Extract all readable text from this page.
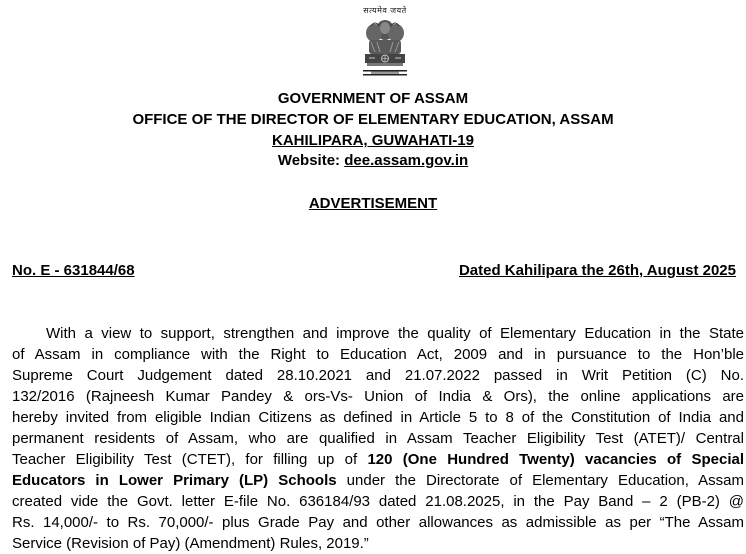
सत्यमेव जयते
GOVERNMENT OF ASSAM
OFFICE OF THE DIRECTOR OF ELEMENTARY EDUCATION, ASSAM
KAHILIPARA, GUWAHATI-19
Website: dee.assam.gov.in
ADVERTISEMENT
No. E - 631844/68	Dated Kahilipara the 26th, August 2025
With a view to support, strengthen and improve the quality of Elementary Education in the State
of Assam in compliance with the Right to Education Act, 2009 and in pursuance to the Hon’ble
Supreme Court Judgement dated 28.10.2021 and 21.07.2022 passed in Writ Petition (C) No.
132/2016 (Rajneesh Kumar Pandey & ors-Vs- Union of India & Ors), the online applications are
hereby invited from eligible Indian Citizens as defined in Article 5 to 8 of the Constitution of India and
permanent residents of Assam, who are qualified in Assam Teacher Eligibility Test (ATET)/ Central
Teacher Eligibility Test (CTET), for filling up of 120 (One Hundred Twenty) vacancies of Special
Educators in Lower Primary (LP) Schools under the Directorate of Elementary Education, Assam
created vide the Govt. letter E-file No. 636184/93 dated 21.08.2025, in the Pay Band – 2 (PB-2) @
Rs. 14,000/- to Rs. 70,000/- plus Grade Pay and other allowances as admissible as per “The Assam
Service (Revision of Pay) (Amendment) Rules, 2019.”
